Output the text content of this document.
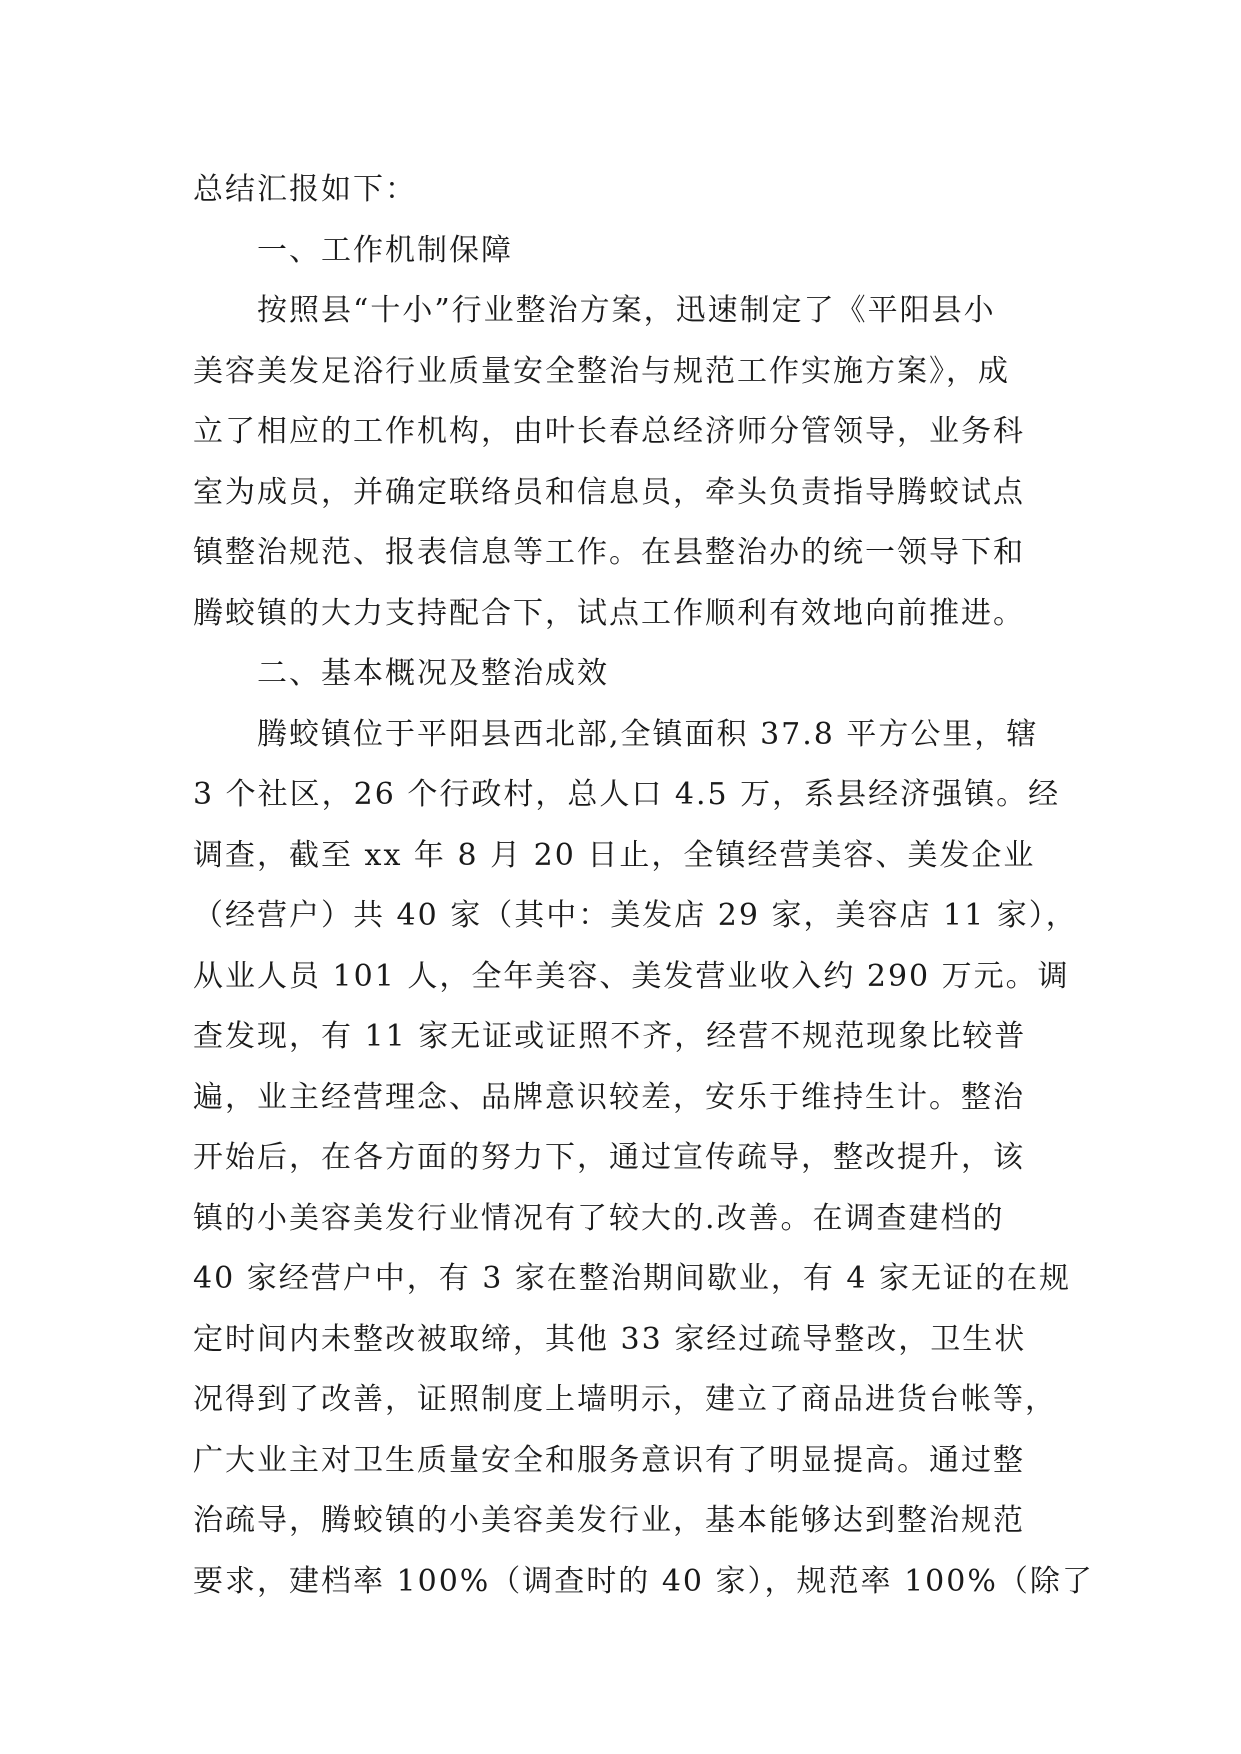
总结汇报如下：
一、工作机制保障
按照县“十小”行业整治方案，迅速制定了《平阳县小
美容美发足浴行业质量安全整治与规范工作实施方案》，成
立了相应的工作机构，由叶长春总经济师分管领导，业务科
室为成员，并确定联络员和信息员，牵头负责指导腾蛟试点
镇整治规范、报表信息等工作。在县整治办的统一领导下和
腾蛟镇的大力支持配合下，试点工作顺利有效地向前推进。
二、基本概况及整治成效
腾蛟镇位于平阳县西北部,全镇面积 37.8 平方公里，辖
3 个社区，26 个行政村，总人口 4.5 万，系县经济强镇。经
调查，截至 xx 年 8 月 20 日止，全镇经营美容、美发企业
（经营户）共 40 家（其中：美发店 29 家，美容店 11 家），
从业人员 101 人，全年美容、美发营业收入约 290 万元。调
查发现，有 11 家无证或证照不齐，经营不规范现象比较普
遍，业主经营理念、品牌意识较差，安乐于维持生计。整治
开始后，在各方面的努力下，通过宣传疏导，整改提升，该
镇的小美容美发行业情况有了较大的.改善。在调查建档的
40 家经营户中，有 3 家在整治期间歇业，有 4 家无证的在规
定时间内未整改被取缔，其他 33 家经过疏导整改，卫生状
况得到了改善，证照制度上墙明示，建立了商品进货台帐等，
广大业主对卫生质量安全和服务意识有了明显提高。通过整
治疏导，腾蛟镇的小美容美发行业，基本能够达到整治规范
要求，建档率 100%（调查时的 40 家），规范率 100%（除了
